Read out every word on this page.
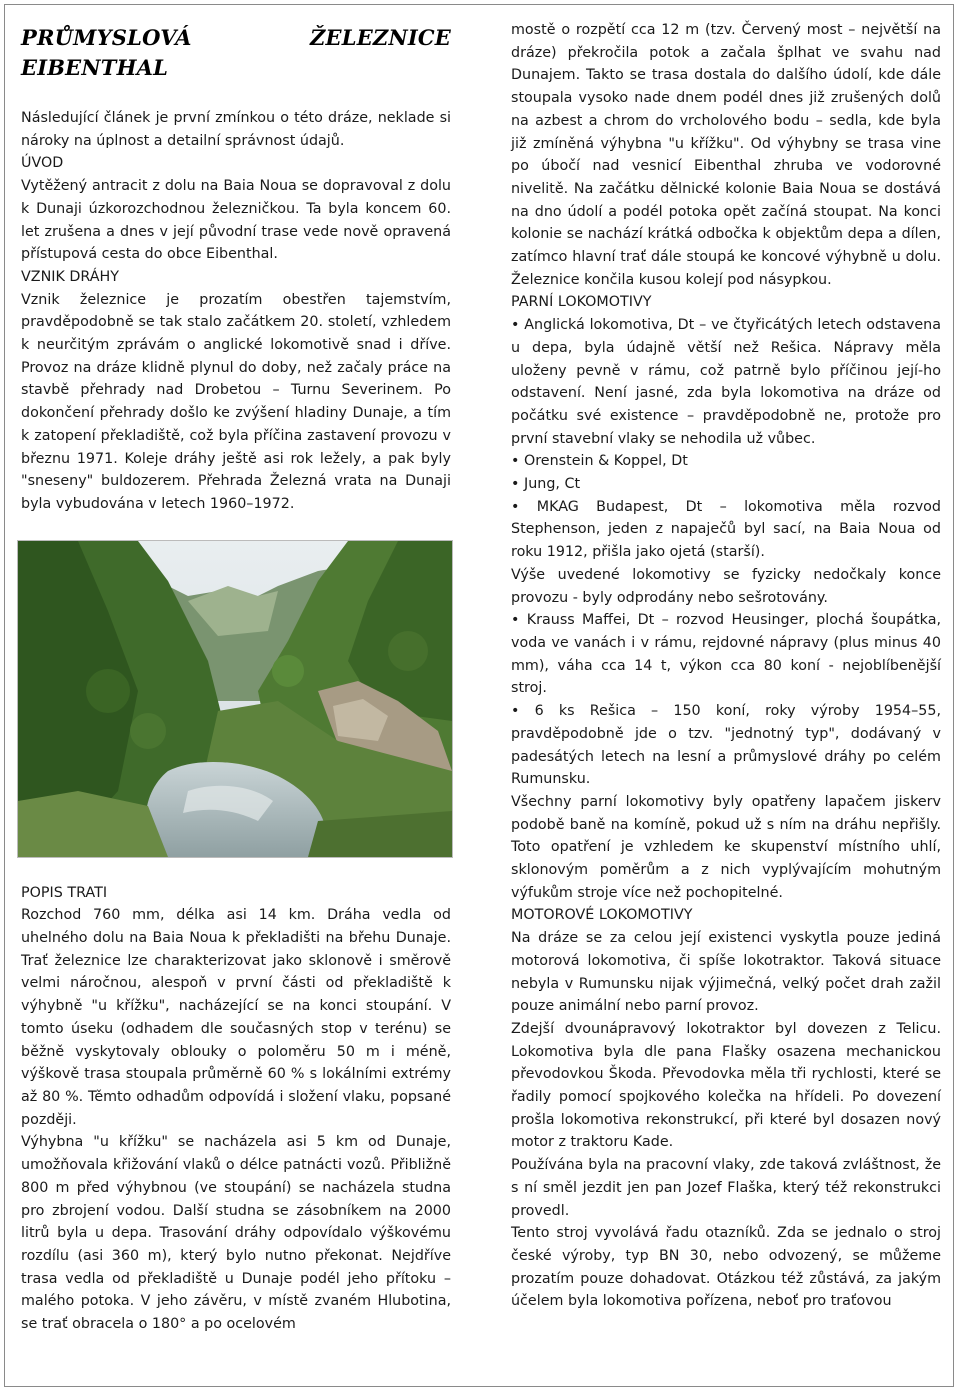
PRŮMYSLOVÁ ŽELEZNICE EIBENTHAL

Následující článek je první zmínkou o této dráze, neklade si nároky na úplnost a detailní správnost údajů.

ÚVOD

Vytěžený antracit z dolu na Baia Noua se dopravoval z dolu k Dunaji úzkorozchodnou železničkou. Ta byla koncem 60. let zrušena a dnes v její původní trase vede nově opravená přístupová cesta do obce Eibenthal.

VZNIK DRÁHY

Vznik železnice je prozatím obestřen tajemstvím, pravděpodobně se tak stalo začátkem 20. století, vzhledem k neurčitým zprávám o anglické lokomotivě snad i dříve. Provoz na dráze klidně plynul do doby, než začaly práce na stavbě přehrady nad Drobetou – Turnu Severinem. Po dokončení přehrady došlo ke zvýšení hladiny Dunaje, a tím k zatopení překladiště, což byla příčina zastavení provozu v březnu 1971. Koleje dráhy ještě asi rok ležely, a pak byly "sneseny" buldozerem. Přehrada Železná vrata na Dunaji byla vybudována v letech 1960–1972.

POPIS TRATI

Rozchod 760 mm, délka asi 14 km. Dráha vedla od uhelného dolu na Baia Noua k překladišti na břehu Dunaje. Trať železnice lze charakterizovat jako sklonově i směrově velmi náročnou, alespoň v první části od překladiště k výhybně "u křížku", nacházející se na konci stoupání. V tomto úseku (odhadem dle současných stop v terénu) se běžně vyskytovaly oblouky o poloměru 50 m i méně, výškově trasa stoupala průměrně 60 % s lokálními extrémy až 80 %. Těmto odhadům odpovídá i složení vlaku, popsané později.

Výhybna "u křížku" se nacházela asi 5 km od Dunaje, umožňovala křižování vlaků o délce patnácti vozů. Přibližně 800 m před výhybnou (ve stoupání) se nacházela studna pro zbrojení vodou. Další studna se zásobníkem na 2000 litrů byla u depa. Trasování dráhy odpovídalo výškovému rozdílu (asi 360 m), který bylo nutno překonat. Nejdříve trasa vedla od překladiště u Dunaje podél jeho přítoku – malého potoka. V jeho závěru, v místě zvaném Hlubotina, se trať obracela o 180° a po ocelovém

mostě o rozpětí cca 12 m (tzv. Červený most – největší na dráze) překročila potok a začala šplhat ve svahu nad Dunajem. Takto se trasa dostala do dalšího údolí, kde dále stoupala vysoko nade dnem podél dnes již zrušených dolů na azbest a chrom do vrcholového bodu – sedla, kde byla již zmíněná výhybna "u křížku". Od výhybny se trasa vine po úbočí nad vesnicí Eibenthal zhruba ve vodorovné nivelitě. Na začátku dělnické kolonie Baia Noua se dostává na dno údolí a podél potoka opět začíná stoupat. Na konci kolonie se nachází krátká odbočka k objektům depa a dílen, zatímco hlavní trať dále stoupá ke koncové výhybně u dolu. Železnice končila kusou kolejí pod násypkou.

PARNÍ LOKOMOTIVY

• Anglická lokomotiva, Dt – ve čtyřicátých letech odstavena u depa, byla údajně větší než Rešica. Nápravy měla uloženy pevně v rámu, což patrně bylo příčinou její-ho odstavení. Není jasné, zda byla lokomotiva na dráze od počátku své existence – pravděpodobně ne, protože pro první stavební vlaky se nehodila už vůbec.

• Orenstein & Koppel, Dt

• Jung, Ct

• MKAG Budapest, Dt – lokomotiva měla rozvod Stephenson, jeden z napaječů byl sací, na Baia Noua od roku 1912, přišla jako ojetá (starší).

Výše uvedené lokomotivy se fyzicky nedočkaly konce provozu - byly odprodány nebo sešrotovány.

• Krauss Maffei, Dt – rozvod Heusinger, plochá šoupátka, voda ve vanách i v rámu, rejdovné nápravy (plus minus 40 mm), váha cca 14 t, výkon cca 80 koní - nejoblíbenější stroj.

• 6 ks Rešica – 150 koní, roky výroby 1954–55, pravděpodobně jde o tzv. "jednotný typ", dodávaný v padesátých letech na lesní a průmyslové dráhy po celém Rumunsku.

Všechny parní lokomotivy byly opatřeny lapačem jiskerv podobě baně na komíně, pokud už s ním na dráhu nepřišly. Toto opatření je vzhledem ke skupenství místního uhlí, sklonovým poměrům a z nich vyplývajícím mohutným výfukům stroje více než pochopitelné.

MOTOROVÉ LOKOMOTIVY

Na dráze se za celou její existenci vyskytla pouze jediná motorová lokomotiva, či spíše lokotraktor. Taková situace nebyla v Rumunsku nijak výjimečná, velký počet drah zažil pouze animální nebo parní provoz.

Zdejší dvounápravový lokotraktor byl dovezen z Telicu. Lokomotiva byla dle pana Flašky osazena mechanickou převodovkou Škoda. Převodovka měla tři rychlosti, které se řadily pomocí spojkového kolečka na hřídeli. Po dovezení prošla lokomotiva rekonstrukcí, při které byl dosazen nový motor z traktoru Kade.

Používána byla na pracovní vlaky, zde taková zvláštnost, že s ní směl jezdit jen pan Jozef Flaška, který též rekonstrukci provedl.

Tento stroj vyvolává řadu otazníků. Zda se jednalo o stroj české výroby, typ BN 30, nebo odvozený, se můžeme prozatím pouze dohadovat. Otázkou též zůstává, za jakým účelem byla lokomotiva pořízena, neboť pro traťovou
